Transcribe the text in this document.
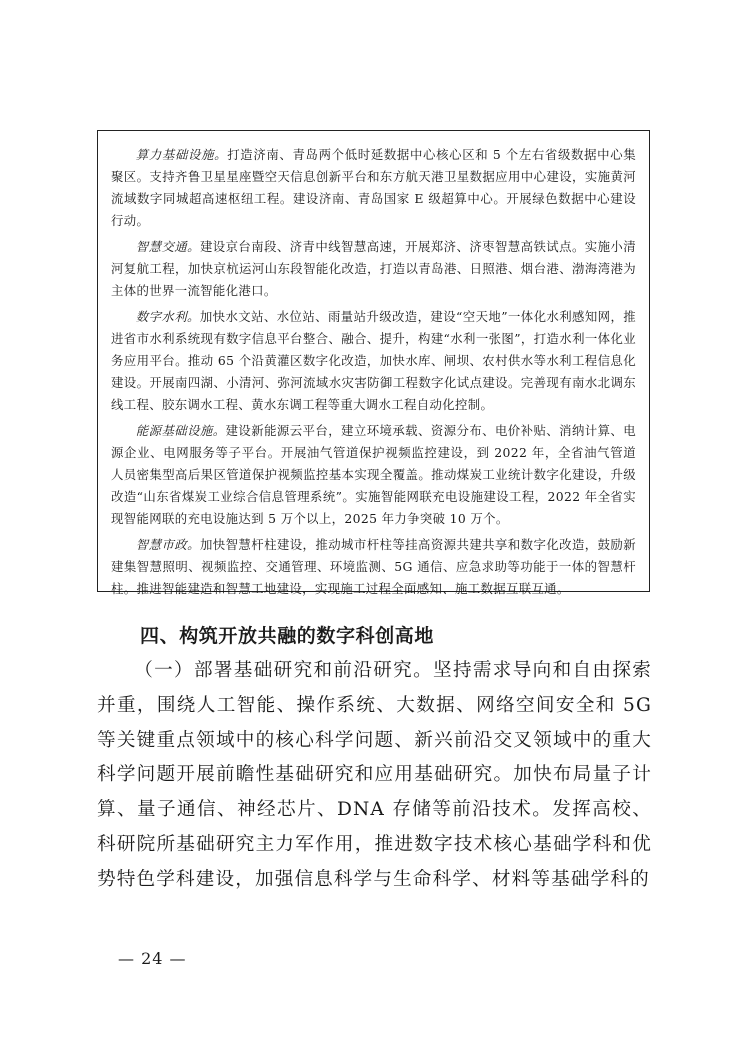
算力基础设施。打造济南、青岛两个低时延数据中心核心区和 5 个左右省级数据中心集聚区。支持齐鲁卫星星座暨空天信息创新平台和东方航天港卫星数据应用中心建设，实施黄河流域数字同城超高速枢纽工程。建设济南、青岛国家 E 级超算中心。开展绿色数据中心建设行动。

智慧交通。建设京台南段、济青中线智慧高速，开展郑济、济枣智慧高铁试点。实施小清河复航工程，加快京杭运河山东段智能化改造，打造以青岛港、日照港、烟台港、渤海湾港为主体的世界一流智能化港口。

数字水利。加快水文站、水位站、雨量站升级改造，建设“空天地”一体化水利感知网，推进省市水利系统现有数字信息平台整合、融合、提升，构建“水利一张图”，打造水利一体化业务应用平台。推动 65 个沿黄灌区数字化改造，加快水库、闸坝、农村供水等水利工程信息化建设。开展南四湖、小清河、弥河流域水灾害防御工程数字化试点建设。完善现有南水北调东线工程、胶东调水工程、黄水东调工程等重大调水工程自动化控制。

能源基础设施。建设新能源云平台，建立环境承载、资源分布、电价补贴、消纳计算、电源企业、电网服务等子平台。开展油气管道保护视频监控建设，到 2022 年，全省油气管道人员密集型高后果区管道保护视频监控基本实现全覆盖。推动煤炭工业统计数字化建设，升级改造“山东省煤炭工业综合信息管理系统”。实施智能网联充电设施建设工程，2022 年全省实现智能网联的充电设施达到 5 万个以上，2025 年力争突破 10 万个。

智慧市政。加快智慧杆柱建设，推动城市杆柱等挂高资源共建共享和数字化改造，鼓励新建集智慧照明、视频监控、交通管理、环境监测、5G 通信、应急求助等功能于一体的智慧杆柱。推进智能建造和智慧工地建设，实现施工过程全面感知、施工数据互联互通。

四、构筑开放共融的数字科创高地

（一）部署基础研究和前沿研究。坚持需求导向和自由探索并重，围绕人工智能、操作系统、大数据、网络空间安全和 5G 等关键重点领域中的核心科学问题、新兴前沿交叉领域中的重大科学问题开展前瞻性基础研究和应用基础研究。加快布局量子计算、量子通信、神经芯片、DNA 存储等前沿技术。发挥高校、科研院所基础研究主力军作用，推进数字技术核心基础学科和优势特色学科建设，加强信息科学与生命科学、材料等基础学科的

— 24 —
